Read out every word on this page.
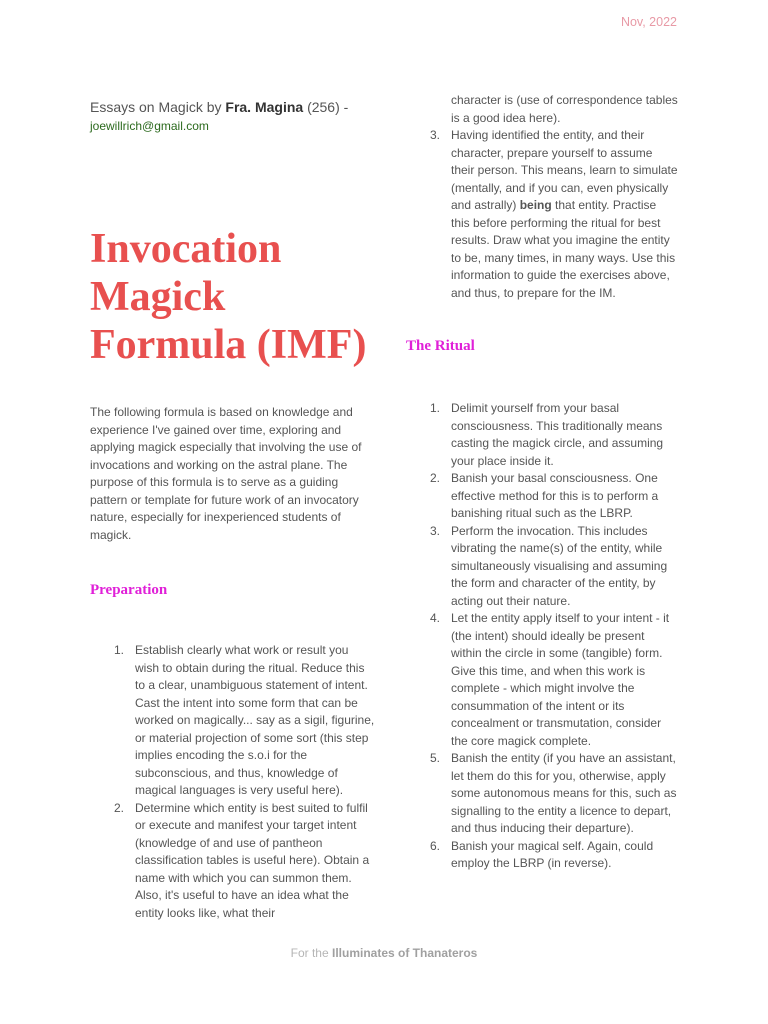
Nov, 2022
Essays on Magick by Fra. Magina (256) -
joewillrich@gmail.com
Invocation
Magick
Formula (IMF)

The following formula is based on knowledge and experience I've gained over time, exploring and applying magick especially that involving the use of invocations and working on the astral plane. The purpose of this formula is to serve as a guiding pattern or template for future work of an invocatory nature, especially for inexperienced students of magick.

Preparation
1. Establish clearly what work or result you wish to obtain during the ritual. Reduce this to a clear, unambiguous statement of intent. Cast the intent into some form that can be worked on magically... say as a sigil, figurine, or material projection of some sort (this step implies encoding the s.o.i for the subconscious, and thus, knowledge of magical languages is very useful here).
2. Determine which entity is best suited to fulfil or execute and manifest your target intent (knowledge of and use of pantheon classification tables is useful here). Obtain a name with which you can summon them. Also, it's useful to have an idea what the entity looks like, what their
character is (use of correspondence tables is a good idea here).
3. Having identified the entity, and their character, prepare yourself to assume their person. This means, learn to simulate (mentally, and if you can, even physically and astrally) being that entity. Practise this before performing the ritual for best results. Draw what you imagine the entity to be, many times, in many ways. Use this information to guide the exercises above, and thus, to prepare for the IM.
The Ritual
1. Delimit yourself from your basal consciousness. This traditionally means casting the magick circle, and assuming your place inside it.
2. Banish your basal consciousness. One effective method for this is to perform a banishing ritual such as the LBRP.
3. Perform the invocation. This includes vibrating the name(s) of the entity, while simultaneously visualising and assuming the form and character of the entity, by acting out their nature.
4. Let the entity apply itself to your intent - it (the intent) should ideally be present within the circle in some (tangible) form. Give this time, and when this work is complete - which might involve the consummation of the intent or its concealment or transmutation, consider the core magick complete.
5. Banish the entity (if you have an assistant, let them do this for you, otherwise, apply some autonomous means for this, such as signalling to the entity a licence to depart, and thus inducing their departure).
6. Banish your magical self. Again, could employ the LBRP (in reverse).
For the Illuminates of Thanateros
